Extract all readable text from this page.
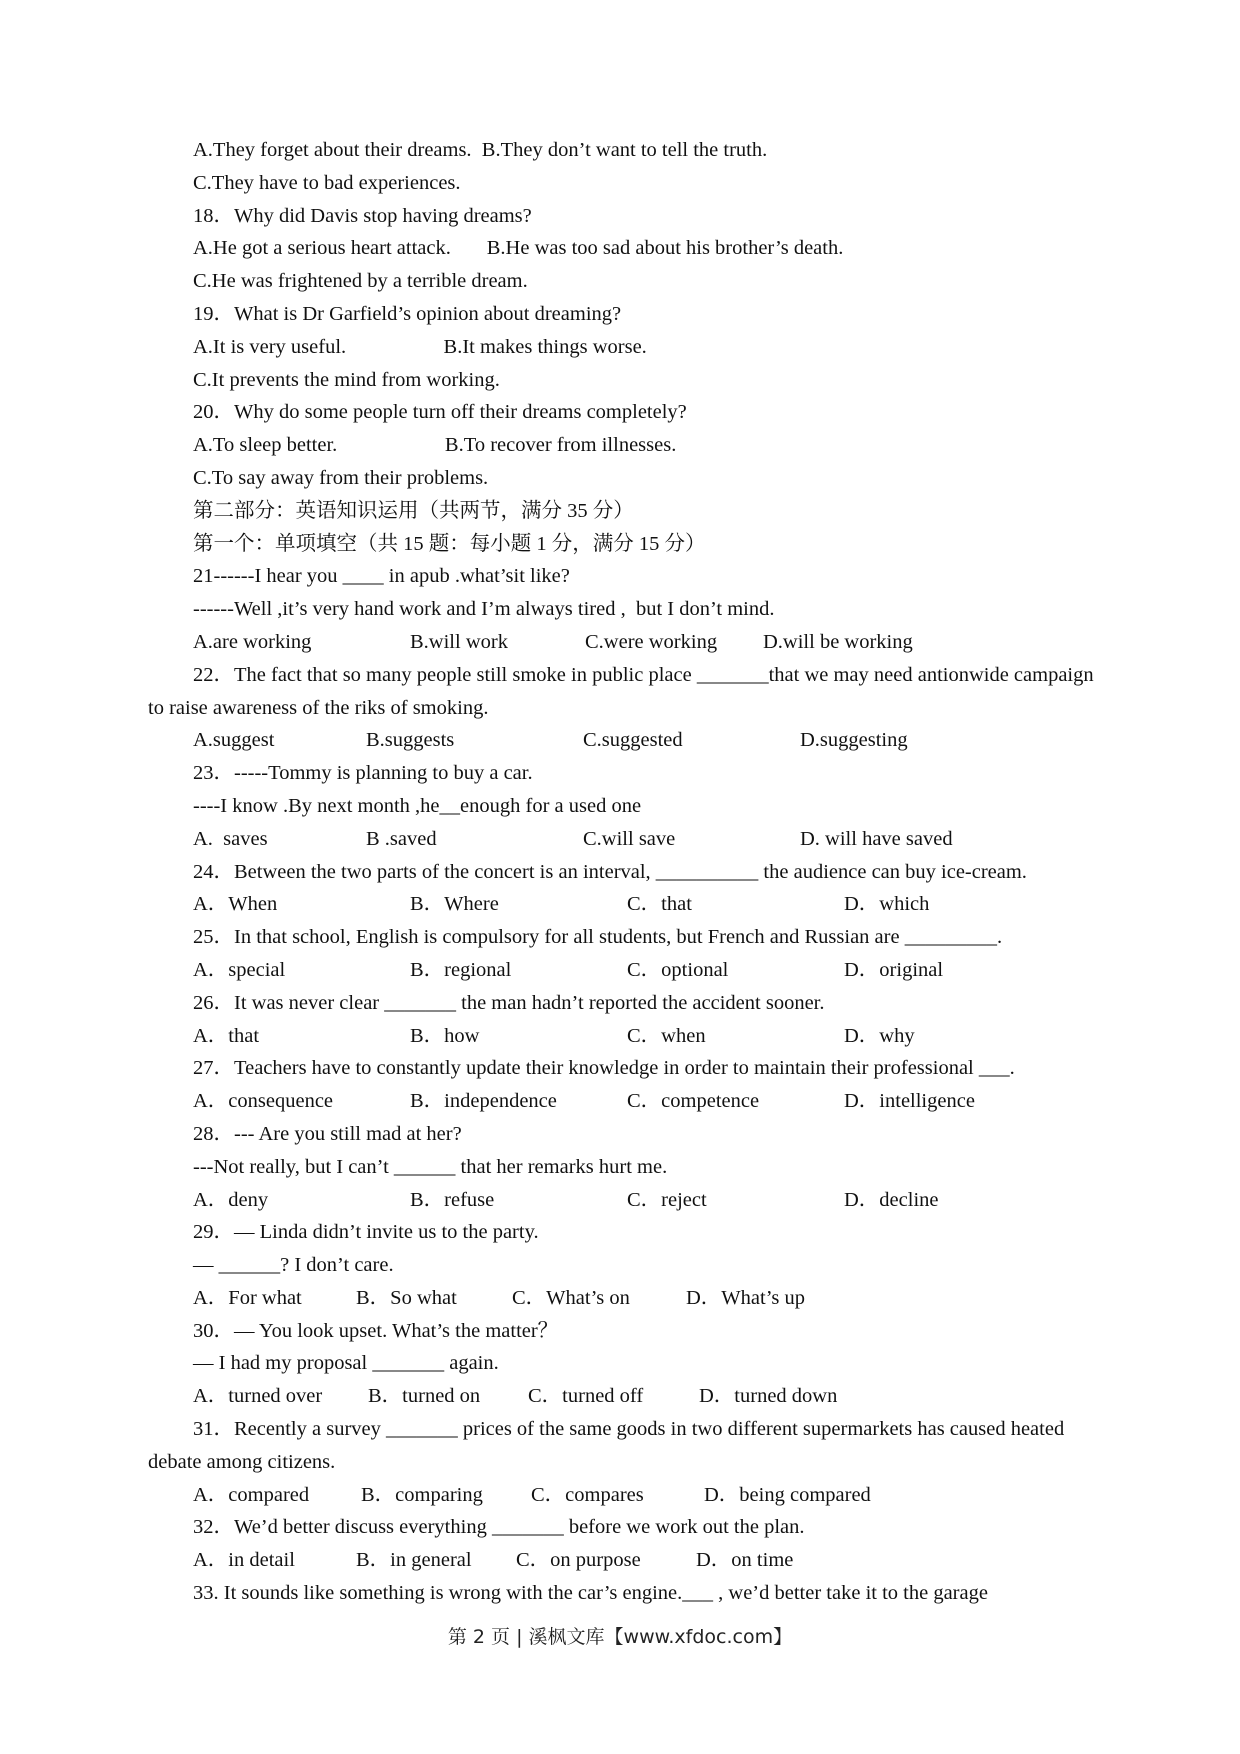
A.They forget about their dreams.  B.They don’t want to tell the truth.
C.They have to bad experiences.
18．Why did Davis stop having dreams?
A.He got a serious heart attack.       B.He was too sad about his brother’s death.
C.He was frightened by a terrible dream.
19．What is Dr Garfield’s opinion about dreaming?
A.It is very useful.                   B.It makes things worse.
C.It prevents the mind from working.
20．Why do some people turn off their dreams completely?
A.To sleep better.                     B.To recover from illnesses.
C.To say away from their problems.
第二部分：英语知识运用（共两节，满分 35 分）
第一个：单项填空（共 15 题：每小题 1 分，满分 15 分）
21------I hear you ____ in apub .what’sit like?
------Well ,it’s very hand work and I’m always tired ,  but I don’t mind.
A.are working	B.will work	C.were working	D.will be working
22．The fact that so many people still smoke in public place _______that we may need antionwide campaign to raise awareness of the riks of smoking.
A.suggest	B.suggests	C.suggested	D.suggesting
23．-----Tommy is planning to buy a car.
----I know .By next month ,he__enough for a used one
A.  saves	B .saved	C.will save	D. will have saved
24．Between the two parts of the concert is an interval, __________ the audience can buy ice-cream.
A．When	B．Where	C．that	D．which
25．In that school, English is compulsory for all students, but French and Russian are _________.
A．special	B．regional	C．optional	D．original
26．It was never clear _______ the man hadn’t reported the accident sooner.
A．that	B．how	C．when	D．why
27．Teachers have to constantly update their knowledge in order to maintain their professional ___.
A．consequence	B．independence	C．competence	D．intelligence
28．--- Are you still mad at her?
---Not really, but I can’t ______ that her remarks hurt me.
A．deny	B．refuse	C．reject	D．decline
29．— Linda didn’t invite us to the party.
— ______? I don’t care.
A．For what	B．So what	C．What’s on	D．What’s up
30．— You look upset. What’s the matter？
— I had my proposal _______ again.
A．turned over	B．turned on	C．turned off	D．turned down
31．Recently a survey _______ prices of the same goods in two different supermarkets has caused heated debate among citizens.
A．compared	B．comparing	C．compares	D．being compared
32．We’d better discuss everything _______ before we work out the plan.
A．in detail	B．in general	C．on purpose	D．on time
33. It sounds like something is wrong with the car’s engine.___ , we’d better take it to the garage
第 2 页 | 溪枫文库【www.xfdoc.com】
